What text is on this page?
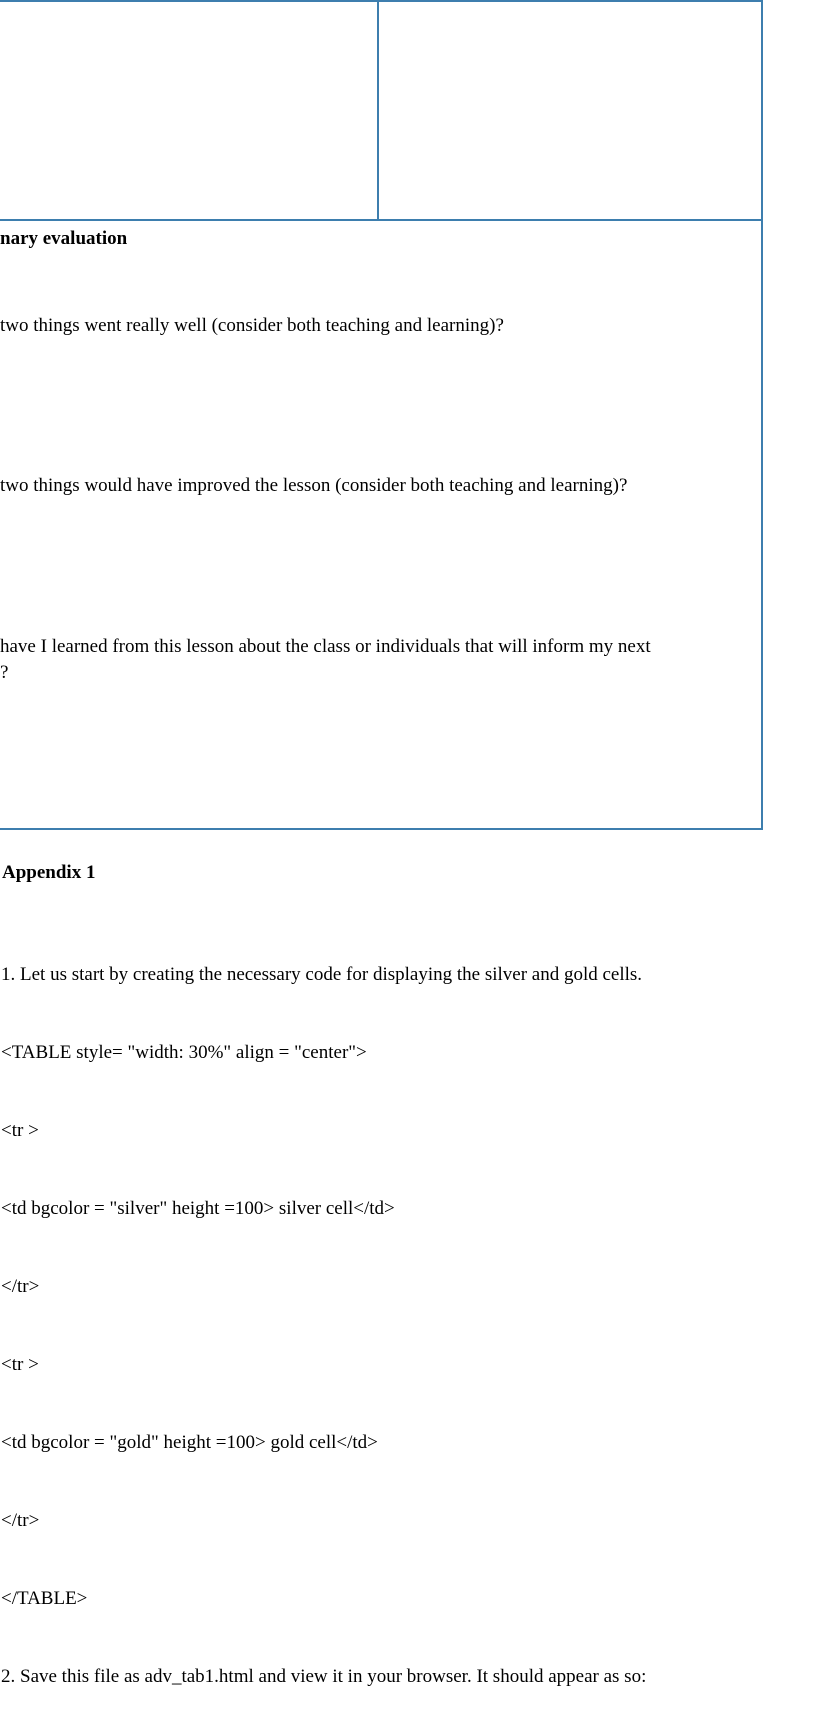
nary evaluation
two things went really well (consider both teaching and learning)?
two things would have improved the lesson (consider both teaching and learning)?
have I learned from this lesson about the class or individuals that will inform my next
?
Appendix 1

1. Let us start by creating the necessary code for displaying the silver and gold cells.

<TABLE style= "width: 30%" align = "center">

<tr >

<td bgcolor = "silver" height =100> silver cell</td>

</tr>

<tr >

<td bgcolor = "gold" height =100> gold cell</td>

</tr>

</TABLE>

2. Save this file as adv_tab1.html and view it in your browser. It should appear as so:
